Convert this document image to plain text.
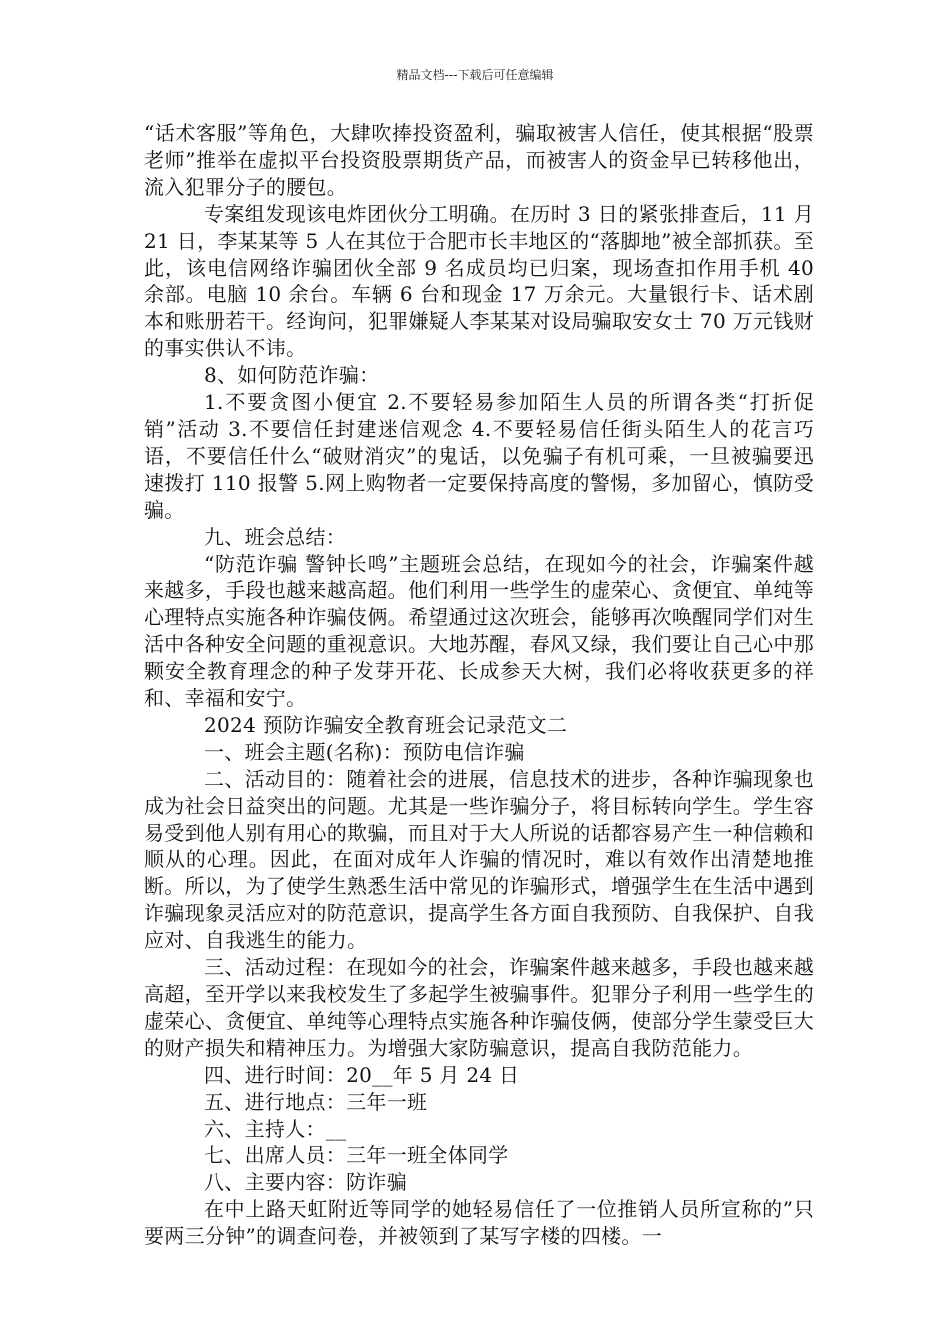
精品文档---下载后可任意编辑

“话术客服”等角色，大肆吹捧投资盈利，骗取被害人信任，使其根据“股票老师”推举在虚拟平台投资股票期货产品，而被害人的资金早已转移他出，流入犯罪分子的腰包。

专案组发现该电炸团伙分工明确。在历时 3 日的紧张排查后，11 月 21 日，李某某等 5 人在其位于合肥市长丰地区的“落脚地”被全部抓获。至此，该电信网络诈骗团伙全部 9 名成员均已归案，现场查扣作用手机 40 余部。电脑 10 余台。车辆 6 台和现金 17 万余元。大量银行卡、话术剧本和账册若干。经询问，犯罪嫌疑人李某某对设局骗取安女士 70 万元钱财的事实供认不讳。

8、如何防范诈骗：

1.不要贪图小便宜 2.不要轻易参加陌生人员的所谓各类“打折促销”活动 3.不要信任封建迷信观念 4.不要轻易信任街头陌生人的花言巧语，不要信任什么“破财消灾”的鬼话，以免骗子有机可乘，一旦被骗要迅速拨打 110 报警 5.网上购物者一定要保持高度的警惕，多加留心，慎防受骗。

九、班会总结：

“防范诈骗 警钟长鸣”主题班会总结，在现如今的社会，诈骗案件越来越多，手段也越来越高超。他们利用一些学生的虚荣心、贪便宜、单纯等心理特点实施各种诈骗伎俩。希望通过这次班会，能够再次唤醒同学们对生活中各种安全问题的重视意识。大地苏醒，春风又绿，我们要让自己心中那颗安全教育理念的种子发芽开花、长成参天大树，我们必将收获更多的祥和、幸福和安宁。

2024 预防诈骗安全教育班会记录范文二

一、班会主题(名称)：预防电信诈骗

二、活动目的：随着社会的进展，信息技术的进步，各种诈骗现象也成为社会日益突出的问题。尤其是一些诈骗分子，将目标转向学生。学生容易受到他人别有用心的欺骗，而且对于大人所说的话都容易产生一种信赖和顺从的心理。因此，在面对成年人诈骗的情况时，难以有效作出清楚地推断。所以，为了使学生熟悉生活中常见的诈骗形式，增强学生在生活中遇到诈骗现象灵活应对的防范意识，提高学生各方面自我预防、自我保护、自我应对、自我逃生的能力。

三、活动过程：在现如今的社会，诈骗案件越来越多，手段也越来越高超，至开学以来我校发生了多起学生被骗事件。犯罪分子利用一些学生的虚荣心、贪便宜、单纯等心理特点实施各种诈骗伎俩，使部分学生蒙受巨大的财产损失和精神压力。为增强大家防骗意识，提高自我防范能力。

四、进行时间：20__年 5 月 24 日

五、进行地点：三年一班

六、主持人：__

七、出席人员：三年一班全体同学

八、主要内容：防诈骗

在中上路天虹附近等同学的她轻易信任了一位推销人员所宣称的”只要两三分钟”的调查问卷，并被领到了某写字楼的四楼。一
